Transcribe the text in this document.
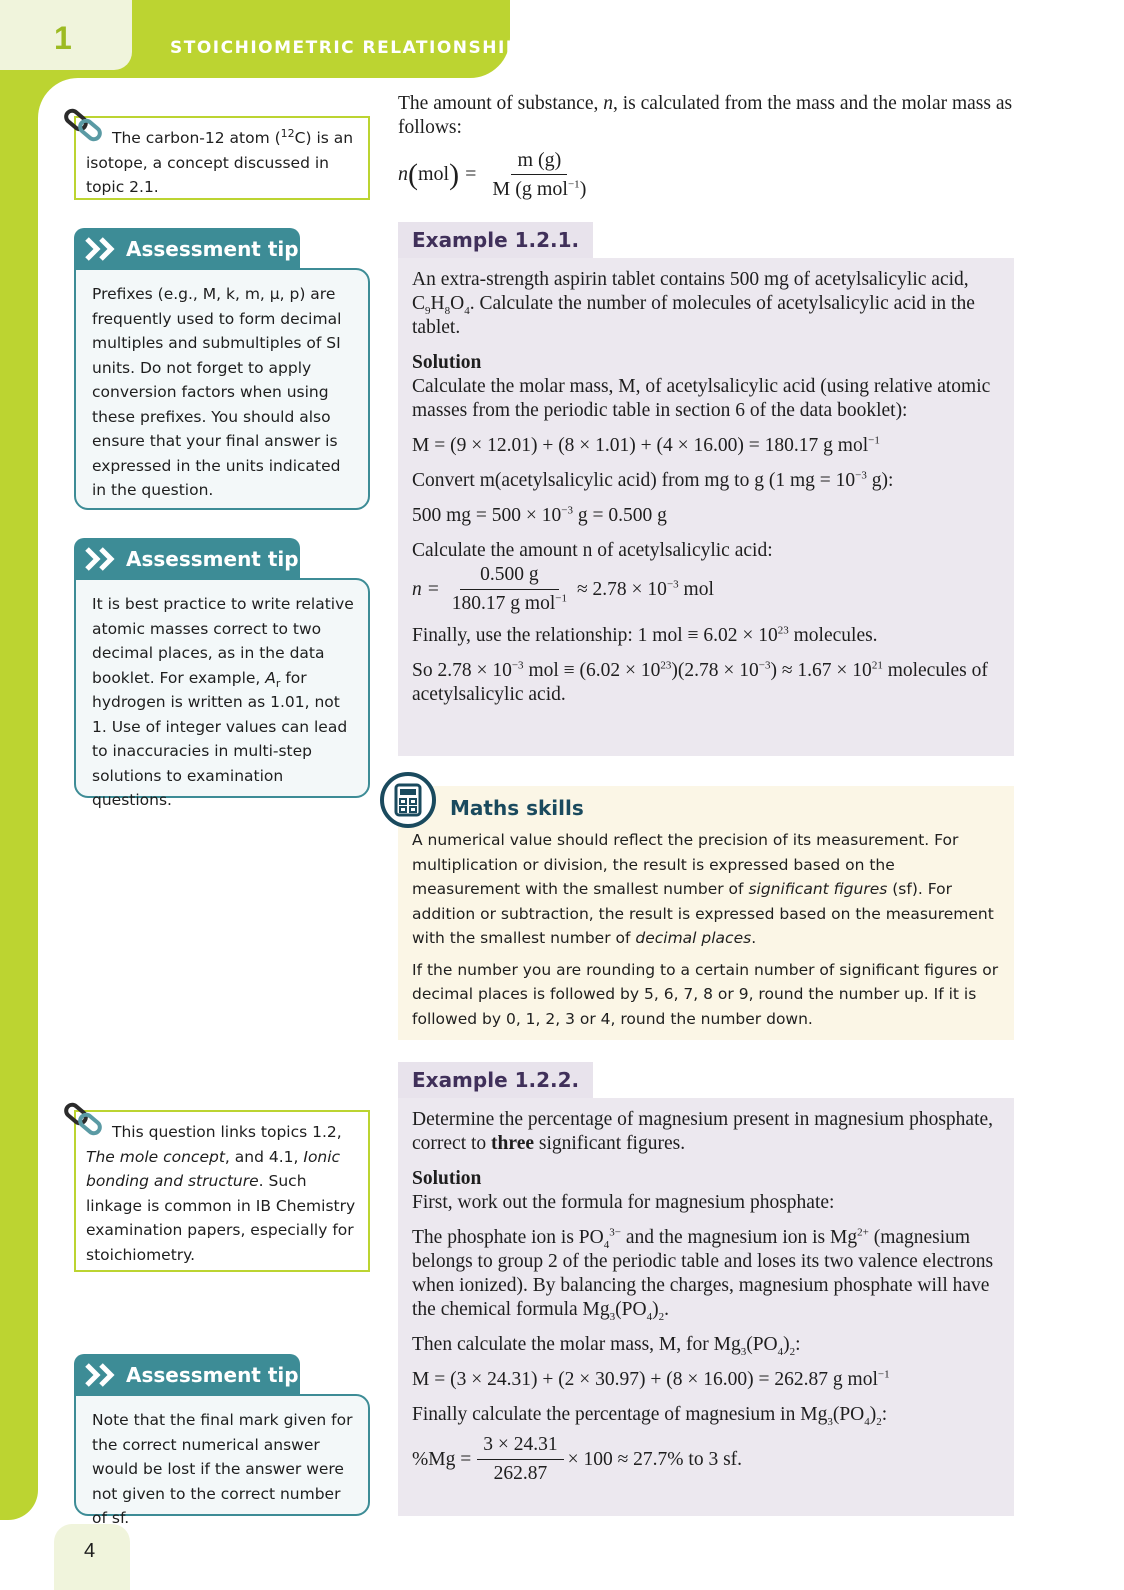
1	STOICHIOMETRIC RELATIONSHIPS
4
The carbon-12 atom ($^{12}$C) is an isotope, a concept discussed in topic 2.1.
Assessment tip
Prefixes (e.g., M, k, m, μ, p) are frequently used to form decimal multiples and submultiples of SI units. Do not forget to apply conversion factors when using these prefixes. You should also ensure that your final answer is expressed in the units indicated in the question.
Assessment tip
It is best practice to write relative atomic masses correct to two decimal places, as in the data booklet. For example, $A_r$ for hydrogen is written as 1.01, not 1. Use of integer values can lead to inaccuracies in multi-step solutions to examination questions.
This question links topics 1.2, The mole concept, and 4.1, Ionic bonding and structure. Such linkage is common in IB Chemistry examination papers, especially for stoichiometry.
Assessment tip
Note that the final mark given for the correct numerical answer would be lost if the answer were not given to the correct number of sf.
The amount of substance, n, is calculated from the mass and the molar mass as follows:
n ( mol ) = $\frac{m (g)}{M (g mol^{-1})}$
Example 1.2.1.

An extra-strength aspirin tablet contains 500 mg of acetylsalicylic acid, $C_9H_8O_4$. Calculate the number of molecules of acetylsalicylic acid in the tablet.

Solution

Calculate the molar mass, M, of acetylsalicylic acid (using relative atomic masses from the periodic table in section 6 of the data booklet):

M = (9 × 12.01) + (8 × 1.01) + (4 × 16.00) = 180.17 g mol$^{-1}$

Convert m(acetylsalicylic acid) from mg to g (1 mg = $10^{-3}$ g):

500 mg = $500 \times 10^{-3}$ g = 0.500 g

Calculate the amount n of acetylsalicylic acid:

$n = \frac{0.500 g}{180.17 g mol^{-1}} \approx 2.78 \times 10^{-3}$ mol

Finally, use the relationship: 1 mol ≡ $6.02 \times 10^{23}$ molecules.

So $2.78 \times 10^{-3}$ mol ≡ $(6.02 \times 10^{23})(2.78 \times 10^{-3}) \approx 1.67 \times 10^{21}$ molecules of acetylsalicylic acid.

Maths skills

A numerical value should reflect the precision of its measurement. For multiplication or division, the result is expressed based on the measurement with the smallest number of significant figures (sf). For addition or subtraction, the result is expressed based on the measurement with the smallest number of decimal places.

If the number you are rounding to a certain number of significant figures or decimal places is followed by 5, 6, 7, 8 or 9, round the number up. If it is followed by 0, 1, 2, 3 or 4, round the number down.

Example 1.2.2.

Determine the percentage of magnesium present in magnesium phosphate, correct to three significant figures.

Solution

First, work out the formula for magnesium phosphate:

The phosphate ion is $PO_4^{3-}$ and the magnesium ion is $Mg^{2+}$ (magnesium belongs to group 2 of the periodic table and loses its two valence electrons when ionized). By balancing the charges, magnesium phosphate will have the chemical formula $Mg_3(PO_4)_2$.

Then calculate the molar mass, M, for $Mg_3(PO_4)_2$:

M = (3 × 24.31) + (2 × 30.97) + (8 × 16.00) = 262.87 g mol$^{-1}$

Finally calculate the percentage of magnesium in $Mg_3(PO_4)_2$:

$\%Mg = \frac{3 \times 24.31}{262.87} \times 100 \approx 27.7\%$ to 3 sf.
